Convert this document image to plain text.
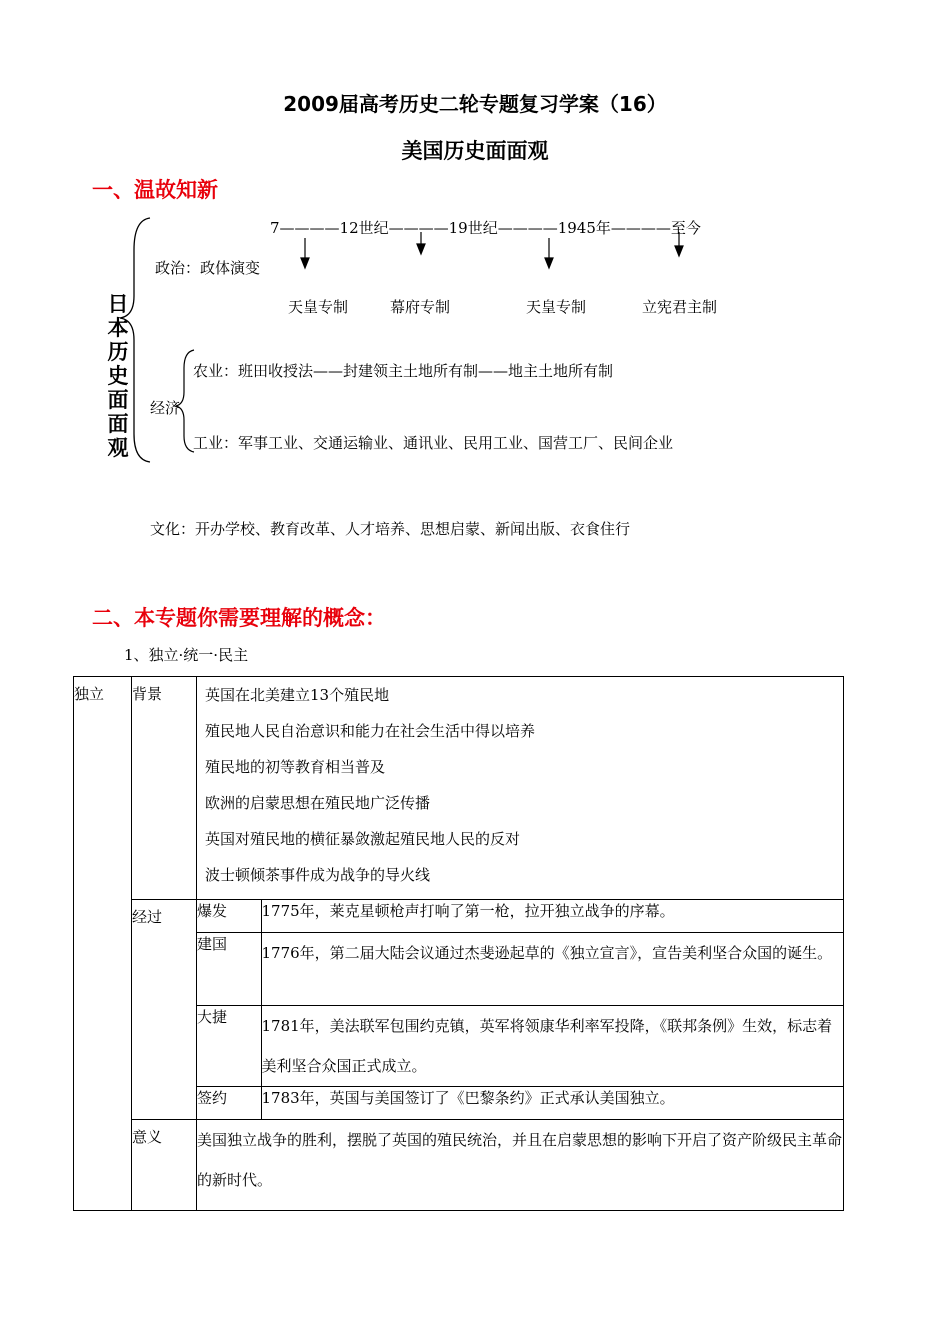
2009届高考历史二轮专题复习学案（16）
美国历史面面观
一、温故知新
日
本
历
史
面
面
观
7————12世纪————19世纪————1945年————至今
政治：政体演变
天皇专制	幕府专制	天皇专制	立宪君主制
农业：班田收授法——封建领主土地所有制——地主土地所有制
经济
工业：军事工业、交通运输业、通讯业、民用工业、国营工厂、民间企业
文化：开办学校、教育改革、人才培养、思想启蒙、新闻出版、衣食住行
二、本专题你需要理解的概念：
1、独立·统一·民主
独立	背景	英国在北美建立13个殖民地
殖民地人民自治意识和能力在社会生活中得以培养
殖民地的初等教育相当普及
欧洲的启蒙思想在殖民地广泛传播
英国对殖民地的横征暴敛激起殖民地人民的反对
波士顿倾茶事件成为战争的导火线

经过	爆发	1775年，莱克星顿枪声打响了第一枪，拉开独立战争的序幕。
建国	1776年，第二届大陆会议通过杰斐逊起草的《独立宣言》，宣告美利坚合众国的诞生。
大捷	1781年，美法联军包围约克镇，英军将领康华利率军投降，《联邦条例》生效，标志着美利坚合众国正式成立。
签约	1783年，英国与美国签订了《巴黎条约》正式承认美国独立。

意义	美国独立战争的胜利，摆脱了英国的殖民统治，并且在启蒙思想的影响下开启了资产阶级民主革命的新时代。
